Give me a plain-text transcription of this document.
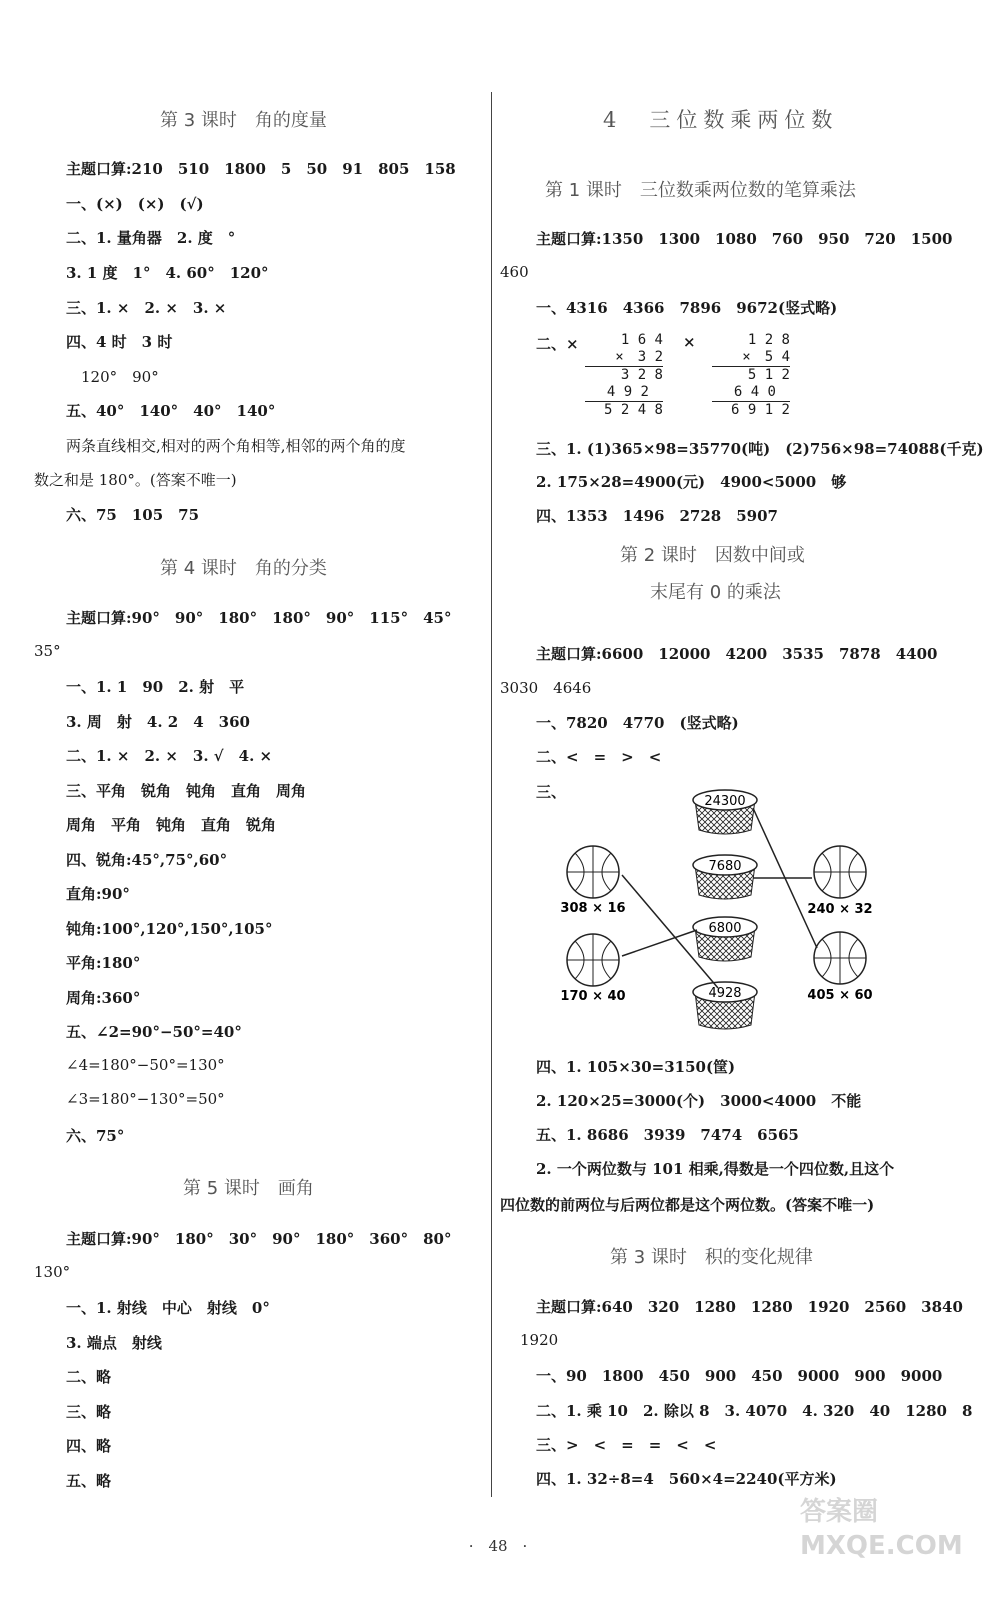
第 3 课时　角的度量
主题口算:210　510　1800　5　50　91　805　158
一、(×)　(×)　(√)
二、1. 量角器　2. 度　°
3. 1 度　1°　4. 60°　120°
三、1. ×　2. ×　3. ×
四、4 时　3 时
　120°　90°
五、40°　140°　40°　140°
两条直线相交,相对的两个角相等,相邻的两个角的度
数之和是 180°。(答案不唯一)
六、75　105　75
第 4 课时　角的分类
主题口算:90°　90°　180°　180°　90°　115°　45°
35°
一、1. 1　90　2. 射　平
3. 周　射　4. 2　4　360
二、1. ×　2. ×　3. √　4. ×
三、平角　锐角　钝角　直角　周角
周角　平角　钝角　直角　锐角
四、锐角:45°,75°,60°
直角:90°
钝角:100°,120°,150°,105°
平角:180°
周角:360°
五、∠2=90°−50°=40°
∠4=180°−50°=130°
∠3=180°−130°=50°
六、75°
第 5 课时　画角
主题口算:90°　180°　30°　90°　180°　360°　80°
130°
一、1. 射线　中心　射线　0°
3. 端点　射线
二、略
三、略
四、略
五、略
4　三位数乘两位数
第 1 课时　三位数乘两位数的笔算乘法
主题口算:1350　1300　1080　760　950　720　1500
460
一、4316　4366　7896　9672(竖式略)
二、×	×
1 6 4
×　3 2
3 2 8
4 9 2
5 2 4 8
1 2 8
×　5 4
5 1 2
6 4 0
6 9 1 2
三、1. (1)365×98=35770(吨)　(2)756×98=74088(千克)
2. 175×28=4900(元)　4900<5000　够
四、1353　1496　2728　5907
第 2 课时　因数中间或
末尾有 0 的乘法
主题口算:6600　12000　4200　3535　7878　4400
3030　4646
一、7820　4770　(竖式略)
二、<　=　>　<
三、
24300
7680
6800
4928
308 × 16
170 × 40
240 × 32
405 × 60
四、1. 105×30=3150(筐)
2. 120×25=3000(个)　3000<4000　不能
五、1. 8686　3939　7474　6565
2. 一个两位数与 101 相乘,得数是一个四位数,且这个
四位数的前两位与后两位都是这个两位数。(答案不唯一)
第 3 课时　积的变化规律
主题口算:640　320　1280　1280　1920　2560　3840
1920
一、90　1800　450　900　450　9000　900　9000
二、1. 乘 10　2. 除以 8　3. 4070　4. 320　40　1280　8
三、>　<　=　=　<　<
四、1. 32÷8=4　560×4=2240(平方米)
·　48　·
答案圈 MXQE.COM
